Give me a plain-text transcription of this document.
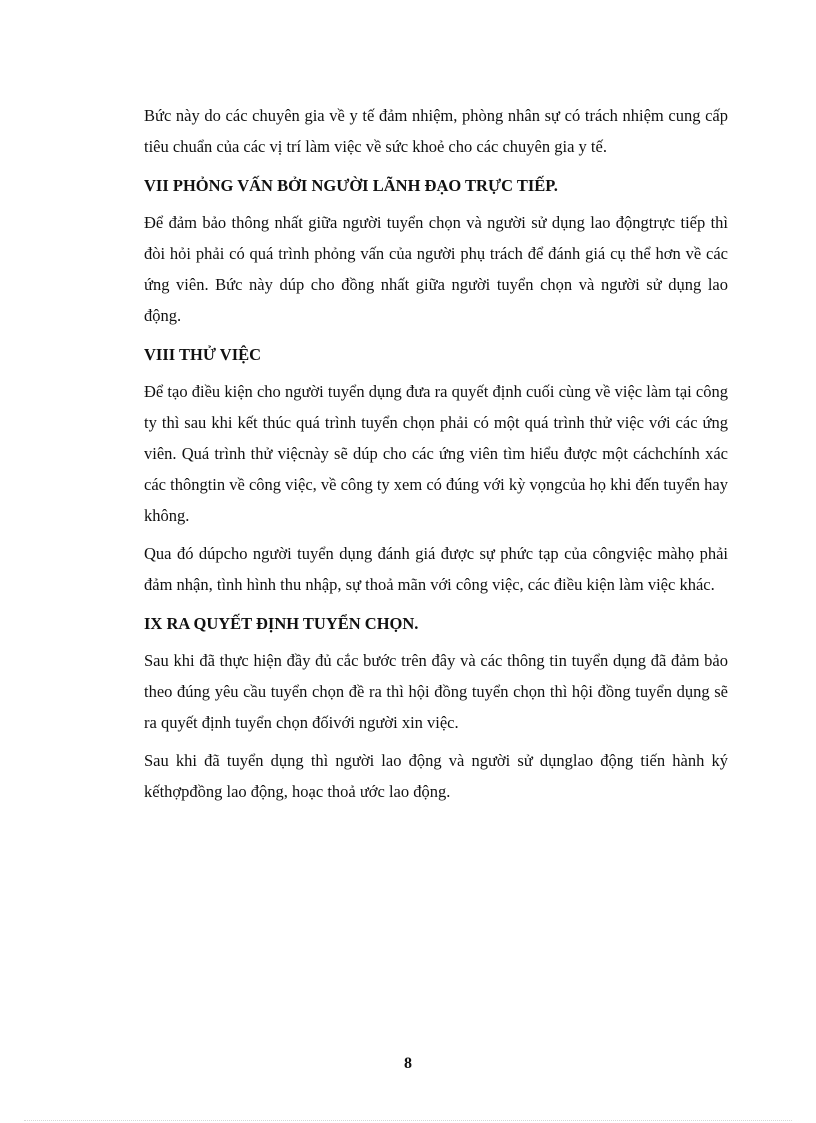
Bức này do các chuyên gia về y tế đảm nhiệm, phòng nhân sự có trách nhiệm cung cấp tiêu chuẩn của các vị trí làm việc về sức khoẻ cho các chuyên gia y tế.

VII PHỎNG VẤN BỞI NGƯỜI LÃNH ĐẠO TRỰC TIẾP.

Để đảm bảo thông nhất giữa người tuyển chọn và người sử dụng lao độngtrực tiếp thì đòi hỏi phải có quá trình phỏng vấn của người phụ trách để đánh giá cụ thể hơn về các ứng viên. Bức này dúp cho đồng nhất giữa người tuyển chọn và người sử dụng lao động.

VIII THỬ VIỆC

Để tạo điều kiện cho người tuyển dụng đưa ra quyết định cuối cùng về việc làm tại công ty thì sau khi kết thúc quá trình tuyển chọn phải có một quá trình thử việc với các ứng viên. Quá trình thử việcnày sẽ dúp cho các ứng viên tìm hiểu được một cáchchính xác các thôngtin về công việc, về công ty xem có đúng với kỳ vọngcủa họ khi đến tuyển hay không.

Qua đó dúpcho người tuyển dụng đánh giá được sự phức tạp của côngviệc màhọ phải đảm nhận, tình hình thu nhập, sự thoả mãn với công việc, các điều kiện làm việc khác.

IX RA QUYẾT ĐỊNH TUYỂN CHỌN.

Sau khi đã thực hiện đầy đủ cắc bước trên đây và các thông tin tuyển dụng đã đảm bảo theo đúng yêu cầu tuyển chọn đề ra thì hội đồng tuyển chọn thì hội đồng tuyển dụng sẽ ra quyết định tuyển chọn đốivới người xin việc.

Sau khi đã tuyển dụng thì người lao động và người sử dụnglao động tiến hành ký kếthợpđồng lao động, hoạc thoả ước lao động.

8
